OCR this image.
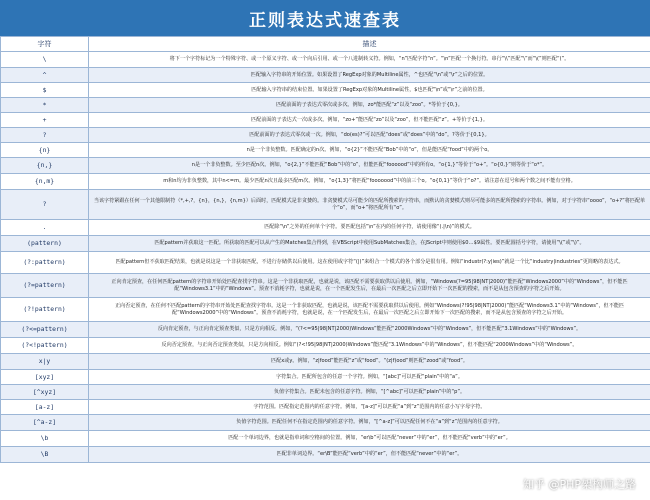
正则表达式速查表
字符	描述
\	将下一个字符标记为一个特殊字符、或一个原义字符、或一个向后引用、或一个八进制转义符。例如，“n”匹配字符“n”。“\n”匹配一个换行符。串行“\\”匹配“\”而“\(”则匹配“(”。
^	匹配输入字符串的开始位置。如果设置了RegExp对象的Multiline属性，^也匹配“\n”或“\r”之后的位置。
$	匹配输入字符串的结束位置。如果设置了RegExp对象的Multiline属性，$也匹配“\n”或“\r”之前的位置。
*	匹配前面的子表达式零次或多次。例如，zo*能匹配“z”以及“zoo”。*等价于{0,}。
+	匹配前面的子表达式一次或多次。例如，“zo+”能匹配“zo”以及“zoo”，但不能匹配“z”。+等价于{1,}。
?	匹配前面的子表达式零次或一次。例如，“do(es)?”可以匹配“does”或“does”中的“do”。?等价于{0,1}。
{n}	n是一个非负整数。匹配确定的n次。例如，“o{2}”不能匹配“Bob”中的“o”，但是能匹配“food”中的两个o。
{n,}	n是一个非负整数。至少匹配n次。例如，“o{2,}”不能匹配“Bob”中的“o”，但能匹配“foooood”中的所有o。“o{1,}”等价于“o+”。“o{0,}”则等价于“o*”。
{n,m}	m和n均为非负整数，其中n<=m。最少匹配n次且最多匹配m次。例如，“o{1,3}”将匹配“fooooood”中的前三个o。“o{0,1}”等价于“o?”。请注意在逗号和两个数之间不能有空格。
?	当该字符紧跟在任何一个其他限制符（*,+,?，{n}，{n,}，{n,m}）后面时，匹配模式是非贪婪的。非贪婪模式尽可能少的匹配所搜索的字符串，而默认的贪婪模式则尽可能多的匹配所搜索的字符串。例如，对于字符串“oooo”，“o+?”将匹配单个“o”，而“o+”将匹配所有“o”。
.	匹配除“\n”之外的任何单个字符。要匹配包括“\n”在内的任何字符，请使用像“(.|\n)”的模式。
(pattern)	匹配pattern并获取这一匹配。所获取的匹配可以从产生的Matches集合得到，在VBScript中使用SubMatches集合，在JScript中则使用$0…$9属性。要匹配圆括号字符，请使用“\(”或“\)”。
(?:pattern)	匹配pattern但不获取匹配结果，也就是说这是一个非获取匹配，不进行存储供以后使用。这在使用或字符“(|)”来组合一个模式的各个部分是很有用。例如“industr(?:y|ies)”就是一个比“industry|industries”更简略的表达式。
(?=pattern)	正向肯定预查，在任何匹配pattern的字符串开始处匹配查找字符串。这是一个非获取匹配，也就是说，该匹配不需要获取供以后使用。例如，“Windows(?=95|98|NT|2000)”能匹配“Windows2000”中的“Windows”，但不能匹配“Windows3.1”中的“Windows”。预查不消耗字符，也就是说，在一个匹配发生后，在最后一次匹配之后立即开始下一次匹配的搜索，而不是从包含预查的字符之后开始。
(?!pattern)	正向否定预查，在任何不匹配pattern的字符串开始处匹配查找字符串。这是一个非获取匹配，也就是说，该匹配不需要获取供以后使用。例如“Windows(?!95|98|NT|2000)”能匹配“Windows3.1”中的“Windows”，但不能匹配“Windows2000”中的“Windows”。预查不消耗字符，也就是说，在一个匹配发生后，在最后一次匹配之后立即开始下一次匹配的搜索，而不是从包含预查的字符之后开始。
(?<=pattern)	反向肯定预查，与正向肯定预查类似，只是方向相反。例如，“(?<=95|98|NT|2000)Windows”能匹配“2000Windows”中的“Windows”，但不能匹配“3.1Windows”中的“Windows”。
(?<!pattern)	反向否定预查，与正向否定预查类似，只是方向相反。例如“(?<!95|98|NT|2000)Windows”能匹配“3.1Windows”中的“Windows”，但不能匹配“2000Windows”中的“Windows”。
x|y	匹配x或y。例如，“z|food”能匹配“z”或“food”。“(z|f)ood”则匹配“zood”或“food”。
[xyz]	字符集合。匹配所包含的任意一个字符。例如，“[abc]”可以匹配“plain”中的“a”。
[^xyz]	负值字符集合。匹配未包含的任意字符。例如，“[^abc]”可以匹配“plain”中的“p”。
[a-z]	字符范围。匹配指定范围内的任意字符。例如，“[a-z]”可以匹配“a”到“z”范围内的任意小写字母字符。
[^a-z]	负值字符范围。匹配任何不在指定范围内的任意字符。例如，“[^a-z]”可以匹配任何不在“a”到“z”范围内的任意字符。
\b	匹配一个单词边界，也就是指单词和空格间的位置。例如，“er\b”可以匹配“never”中的“er”，但不能匹配“verb”中的“er”。
\B	匹配非单词边界。“er\B”能匹配“verb”中的“er”，但不能匹配“never”中的“er”。
知乎 @PHP架构师之路
